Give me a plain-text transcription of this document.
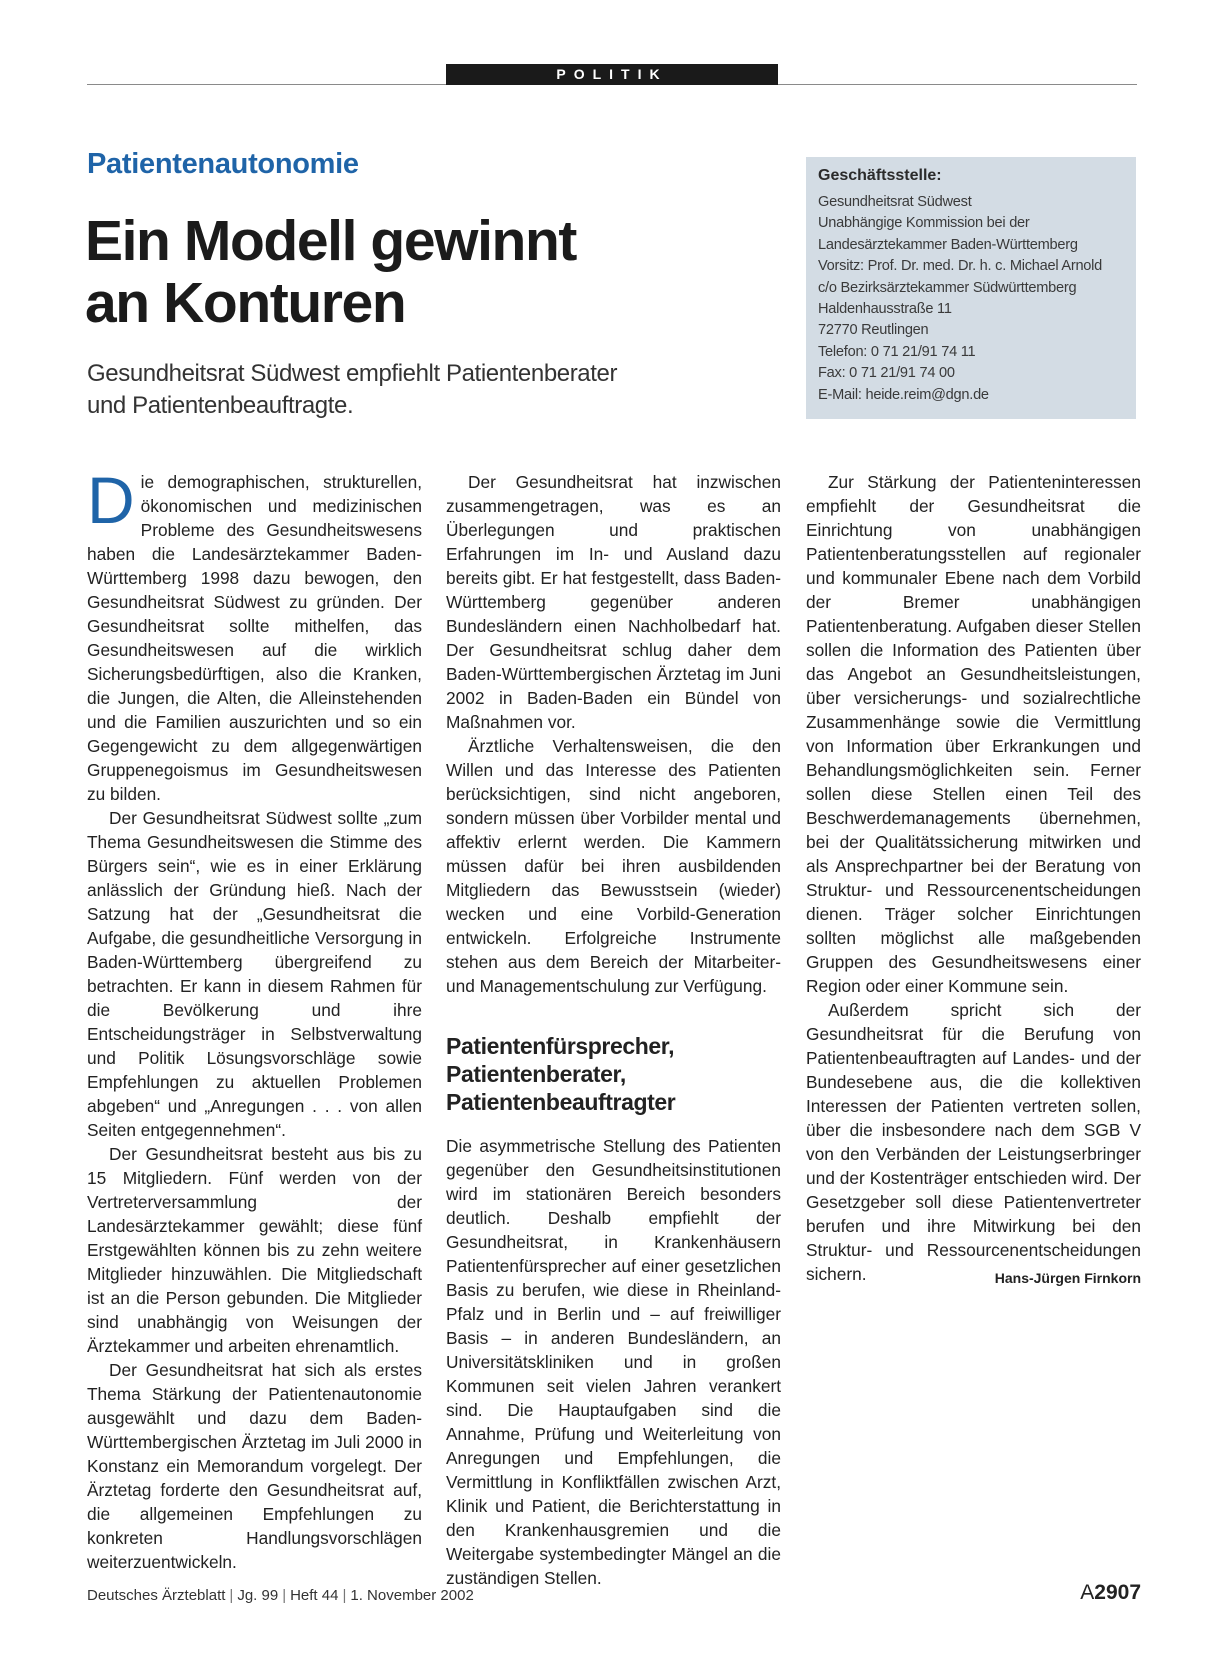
POLITIK
Patientenautonomie
Ein Modell gewinnt
an Konturen
Gesundheitsrat Südwest empfiehlt Patientenberater
und Patientenbeauftragte.
Geschäftsstelle:
Gesundheitsrat Südwest
Unabhängige Kommission bei der
Landesärztekammer Baden-Württemberg
Vorsitz: Prof. Dr. med. Dr. h. c. Michael Arnold
c/o Bezirksärztekammer Südwürttemberg
Haldenhausstraße 11
72770 Reutlingen
Telefon: 0 71 21/91 74 11
Fax: 0 71 21/91 74 00
E-Mail: heide.reim@dgn.de

Die demographischen, strukturellen, ökonomischen und medizinischen Probleme des Gesundheitswesens haben die Landesärztekammer Baden-Württemberg 1998 dazu bewogen, den Gesundheitsrat Südwest zu gründen. Der Gesundheitsrat sollte mithelfen, das Gesundheitswesen auf die wirklich Sicherungsbedürftigen, also die Kranken, die Jungen, die Alten, die Alleinstehenden und die Familien auszurichten und so ein Gegengewicht zu dem allgegenwärtigen Gruppenegoismus im Gesundheitswesen zu bilden.

Der Gesundheitsrat Südwest sollte „zum Thema Gesundheitswesen die Stimme des Bürgers sein“, wie es in einer Erklärung anlässlich der Gründung hieß. Nach der Satzung hat der „Gesundheitsrat die Aufgabe, die gesundheitliche Versorgung in Baden-Württemberg übergreifend zu betrachten. Er kann in diesem Rahmen für die Bevölkerung und ihre Entscheidungsträger in Selbstverwaltung und Politik Lösungsvorschläge sowie Empfehlungen zu aktuellen Problemen abgeben“ und „Anregungen . . . von allen Seiten entgegennehmen“.

Der Gesundheitsrat besteht aus bis zu 15 Mitgliedern. Fünf werden von der Vertreterversammlung der Landesärztekammer gewählt; diese fünf Erstgewählten können bis zu zehn weitere Mitglieder hinzuwählen. Die Mitgliedschaft ist an die Person gebunden. Die Mitglieder sind unabhängig von Weisungen der Ärztekammer und arbeiten ehrenamtlich.

Der Gesundheitsrat hat sich als erstes Thema Stärkung der Patientenautonomie ausgewählt und dazu dem Baden-Württembergischen Ärztetag im Juli 2000 in Konstanz ein Memorandum vorgelegt. Der Ärztetag forderte den Gesundheitsrat auf, die allgemeinen Empfehlungen zu konkreten Handlungsvorschlägen weiterzuentwickeln.

Der Gesundheitsrat hat inzwischen zusammengetragen, was es an Überlegungen und praktischen Erfahrungen im In- und Ausland dazu bereits gibt. Er hat festgestellt, dass Baden-Württemberg gegenüber anderen Bundesländern einen Nachholbedarf hat. Der Gesundheitsrat schlug daher dem Baden-Württembergischen Ärztetag im Juni 2002 in Baden-Baden ein Bündel von Maßnahmen vor.

Ärztliche Verhaltensweisen, die den Willen und das Interesse des Patienten berücksichtigen, sind nicht angeboren, sondern müssen über Vorbilder mental und affektiv erlernt werden. Die Kammern müssen dafür bei ihren ausbildenden Mitgliedern das Bewusstsein (wieder) wecken und eine Vorbild-Generation entwickeln. Erfolgreiche Instrumente stehen aus dem Bereich der Mitarbeiter- und Managementschulung zur Verfügung.

Patientenfürsprecher,
Patientenberater,
Patientenbeauftragter

Die asymmetrische Stellung des Patienten gegenüber den Gesundheitsinstitutionen wird im stationären Bereich besonders deutlich. Deshalb empfiehlt der Gesundheitsrat, in Krankenhäusern Patientenfürsprecher auf einer gesetzlichen Basis zu berufen, wie diese in Rheinland-Pfalz und in Berlin und – auf freiwilliger Basis – in anderen Bundesländern, an Universitätskliniken und in großen Kommunen seit vielen Jahren verankert sind. Die Hauptaufgaben sind die Annahme, Prüfung und Weiterleitung von Anregungen und Empfehlungen, die Vermittlung in Konfliktfällen zwischen Arzt, Klinik und Patient, die Berichterstattung in den Krankenhausgremien und die Weitergabe systembedingter Mängel an die zuständigen Stellen.

Zur Stärkung der Patienteninteressen empfiehlt der Gesundheitsrat die Einrichtung von unabhängigen Patientenberatungsstellen auf regionaler und kommunaler Ebene nach dem Vorbild der Bremer unabhängigen Patientenberatung. Aufgaben dieser Stellen sollen die Information des Patienten über das Angebot an Gesundheitsleistungen, über versicherungs- und sozialrechtliche Zusammenhänge sowie die Vermittlung von Information über Erkrankungen und Behandlungsmöglichkeiten sein. Ferner sollen diese Stellen einen Teil des Beschwerdemanagements übernehmen, bei der Qualitätssicherung mitwirken und als Ansprechpartner bei der Beratung von Struktur- und Ressourcenentscheidungen dienen. Träger solcher Einrichtungen sollten möglichst alle maßgebenden Gruppen des Gesundheitswesens einer Region oder einer Kommune sein.

Außerdem spricht sich der Gesundheitsrat für die Berufung von Patientenbeauftragten auf Landes- und der Bundesebene aus, die die kollektiven Interessen der Patienten vertreten sollen, über die insbesondere nach dem SGB V von den Verbänden der Leistungserbringer und der Kostenträger entschieden wird. Der Gesetzgeber soll diese Patientenvertreter berufen und ihre Mitwirkung bei den Struktur- und Ressourcenentscheidungen sichern.	Hans-Jürgen Firnkorn

Deutsches Ärzteblatt | Jg. 99 | Heft 44 | 1. November 2002	A2907
